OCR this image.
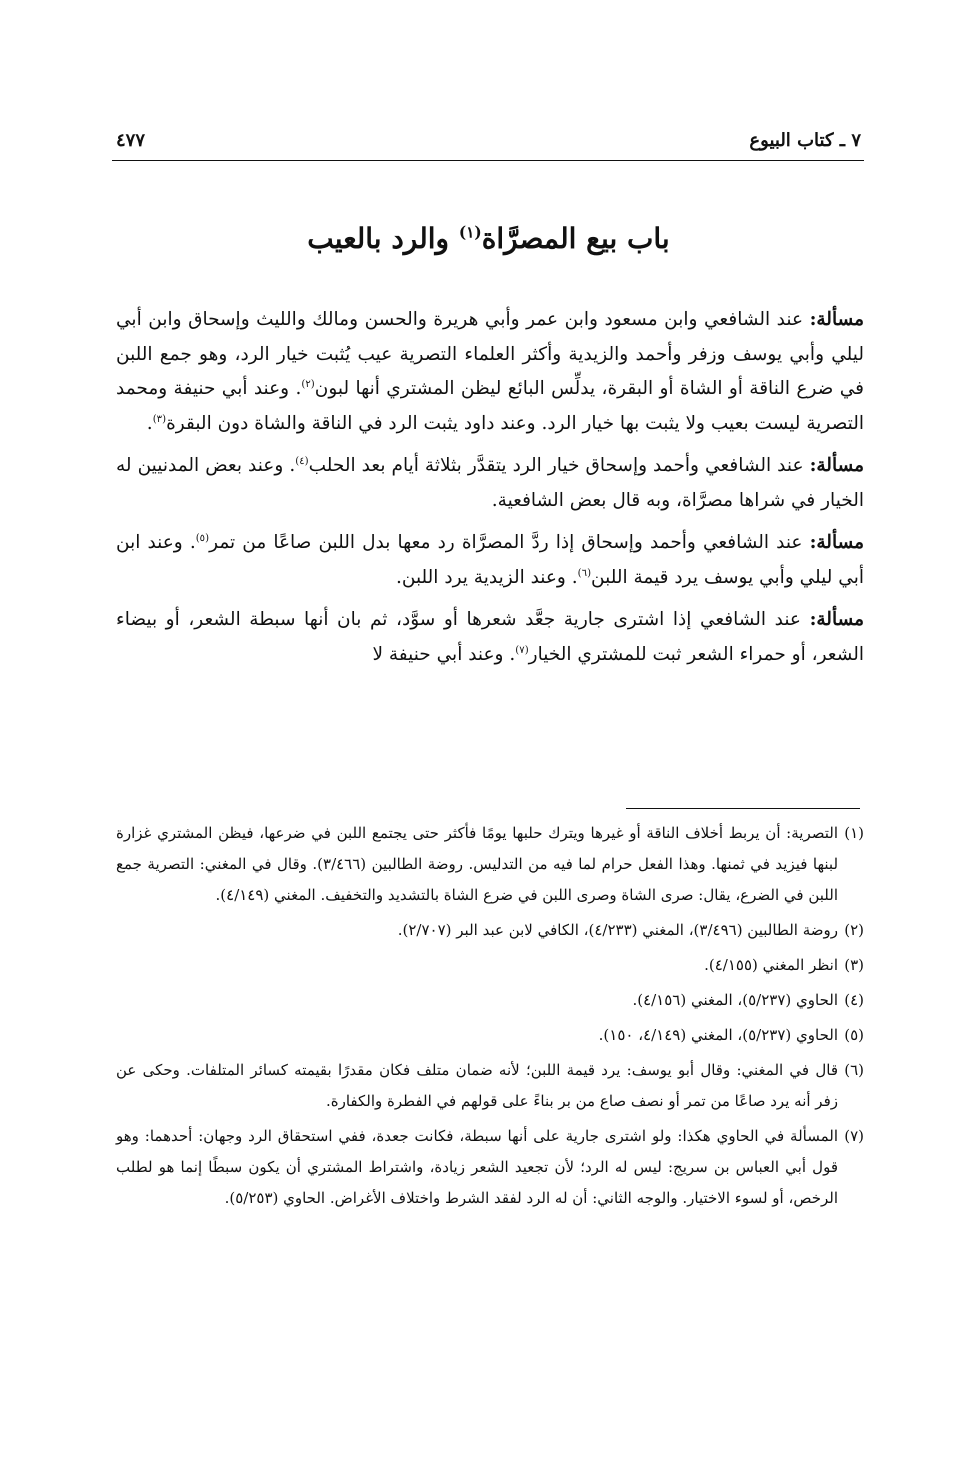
٧ ـ كتاب البيوع
٤٧٧
باب بيع المصرَّاة$^{(١)}$ والرد بالعيب

مسألة: عند الشافعي وابن مسعود وابن عمر وأبي هريرة والحسن ومالك والليث وإسحاق وابن أبي ليلي وأبي يوسف وزفر وأحمد والزيدية وأكثر العلماء التصرية عيب يُثبت خيار الرد، وهو جمع اللبن في ضرع الناقة أو الشاة أو البقرة، يدلِّس البائع ليظن المشتري أنها لبون$^{(٢)}$. وعند أبي حنيفة ومحمد التصرية ليست بعيب ولا يثبت بها خيار الرد. وعند داود يثبت الرد في الناقة والشاة دون البقرة$^{(٣)}$.

مسألة: عند الشافعي وأحمد وإسحاق خيار الرد يتقدَّر بثلاثة أيام بعد الحلب$^{(٤)}$. وعند بعض المدنيين له الخيار في شراها مصرَّاة، وبه قال بعض الشافعية.

مسألة: عند الشافعي وأحمد وإسحاق إذا ردَّ المصرَّاة رد معها بدل اللبن صاعًا من تمر$^{(٥)}$. وعند ابن أبي ليلي وأبي يوسف يرد قيمة اللبن$^{(٦)}$. وعند الزيدية يرد اللبن.

مسألة: عند الشافعي إذا اشترى جارية جعَّد شعرها أو سوَّد، ثم بان أنها سبطة الشعر، أو بيضاء الشعر، أو حمراء الشعر ثبت للمشتري الخيار$^{(٧)}$. وعند أبي حنيفة لا

(١)التصرية: أن يربط أخلاف الناقة أو غيرها ويترك حلبها يومًا فأكثر حتى يجتمع اللبن في ضرعها، فيظن المشتري غزارة لبنها فيزيد في ثمنها. وهذا الفعل حرام لما فيه من التدليس. روضة الطالبين (٣/٤٦٦). وقال في المغني: التصرية جمع اللبن في الضرع، يقال: صرى الشاة وصرى اللبن في ضرع الشاة بالتشديد والتخفيف. المغني (٤/١٤٩).

(٢)روضة الطالبين (٣/٤٩٦)، المغني (٤/٢٣٣)، الكافي لابن عبد البر (٢/٧٠٧).

(٣)انظر المغني (٤/١٥٥).

(٤)الحاوي (٥/٢٣٧)، المغني (٤/١٥٦).

(٥)الحاوي (٥/٢٣٧)، المغني (٤/١٤٩، ١٥٠).

(٦)قال في المغني: وقال أبو يوسف: يرد قيمة اللبن؛ لأنه ضمان متلف فكان مقدرًا بقيمته كسائر المتلفات. وحكى عن زفر أنه يرد صاعًا من تمر أو نصف صاع من بر بناءً على قولهم في الفطرة والكفارة.

(٧)المسألة في الحاوي هكذا: ولو اشترى جارية على أنها سبطة، فكانت جعدة، ففي استحقاق الرد وجهان: أحدهما: وهو قول أبي العباس بن سريج: ليس له الرد؛ لأن تجعيد الشعر زيادة، واشتراط المشتري أن يكون سبطًا إنما هو لطلب الرخص، أو لسوء الاختيار. والوجه الثاني: أن له الرد لفقد الشرط واختلاف الأغراض. الحاوي (٥/٢٥٣).
